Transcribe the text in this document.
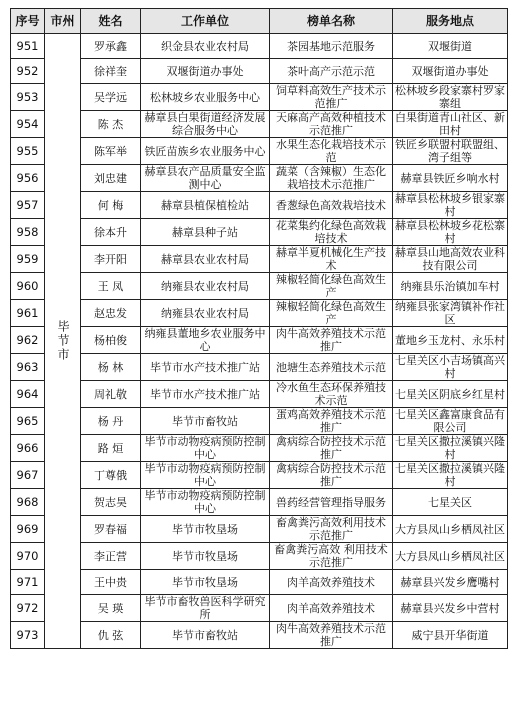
序号	市州	姓名	工作单位	榜单名称	服务地点
951	毕节市	罗承鑫	织金县农业农村局	茶园基地示范服务	双堰街道
952		徐祥奎	双堰街道办事处	茶叶高产示范示范	双堰街道办事处
953		吴学远	松林坡乡农业服务中心	饲草料高效生产技术示范推广	松林坡乡段家寨村罗家寨组
954		陈 杰	赫章县白果街道经济发展综合服务中心	天麻高产高效种植技术示范推广	白果街道青山社区、新田村
955		陈军举	铁匠苗族乡农业服务中心	水果生态化栽培技术示范	铁匠乡联盟村联盟组、湾子组等
956		刘忠建	赫章县农产品质量安全监测中心	蔬菜（含辣椒）生态化栽培技术示范推广	赫章县铁匠乡响水村
957		何 梅	赫章县植保植检站	香葱绿色高效栽培技术	赫章县松林坡乡银家寨村
958		徐本升	赫章县种子站	花菜集约化绿色高效栽培技术	赫章县松林坡乡花松寨村
959		李开阳	赫章县农业农村局	赫章半夏机械化生产技术	赫章县山地高效农业科技有限公司
960		王 凤	纳雍县农业农村局	辣椒轻简化绿色高效生产	纳雍县乐治镇加车村
961		赵忠发	纳雍县农业农村局	辣椒轻简化绿色高效生产	纳雍县张家湾镇补作社区
962		杨柏俊	纳雍县董地乡农业服务中心	肉牛高效养殖技术示范推广	董地乡玉龙村、永乐村
963		杨 林	毕节市水产技术推广站	池塘生态养殖技术示范	七星关区小吉场镇高兴村
964		周礼敬	毕节市水产技术推广站	冷水鱼生态环保养殖技术示范	七星关区阴底乡红星村
965		杨 丹	毕节市畜牧站	蛋鸡高效养殖技术示范推广	七星关区鑫富康食品有限公司
966		路 烜	毕节市动物疫病预防控制中心	禽病综合防控技术示范推广	七星关区撒拉溪镇兴隆村
967		丁尊俄	毕节市动物疫病预防控制中心	禽病综合防控技术示范推广	七星关区撒拉溪镇兴隆村
968		贺志昊	毕节市动物疫病预防控制中心	兽药经营管理指导服务	七星关区
969		罗春福	毕节市牧垦场	畜禽粪污高效利用技术示范推广	大方县凤山乡栖凤社区
970		李正营	毕节市牧垦场	畜禽粪污高效 利用技术示范推广	大方县凤山乡栖凤社区
971		王中贵	毕节市牧垦场	肉羊高效养殖技术	赫章县兴发乡鹰嘴村
972		吴 瑛	毕节市畜牧兽医科学研究所	肉羊高效养殖技术	赫章县兴发乡中营村
973		仇 弦	毕节市畜牧站	肉牛高效养殖技术示范推广	威宁县开华街道
